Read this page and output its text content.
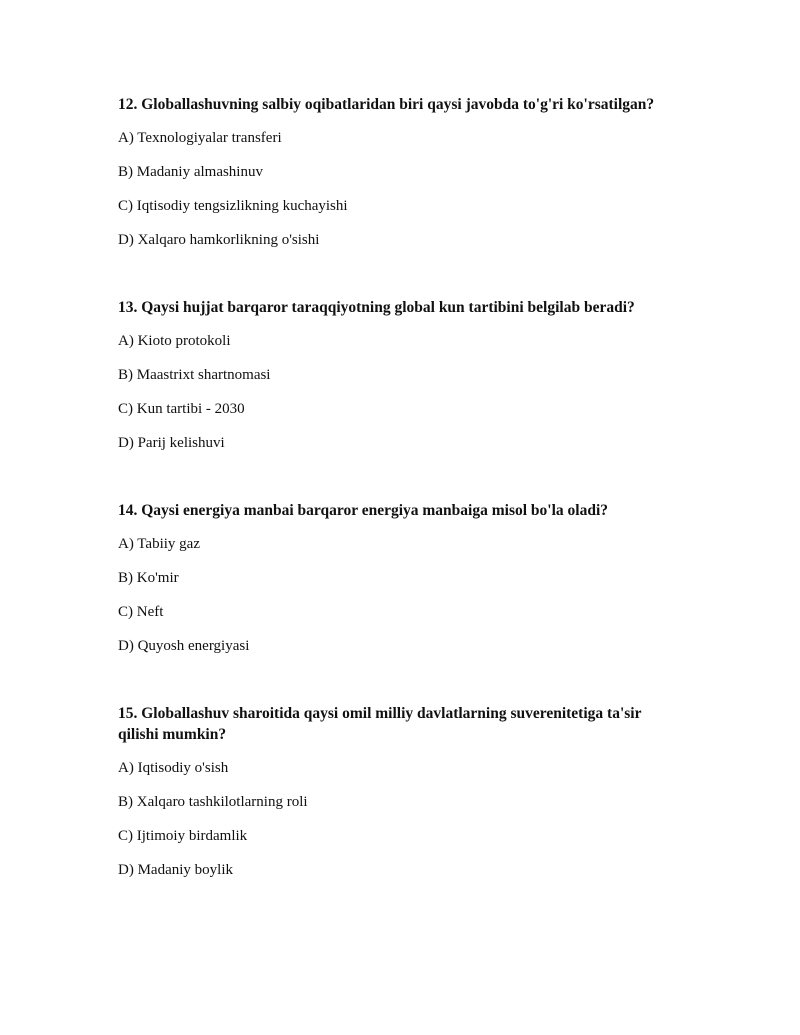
12. Globallashuvning salbiy oqibatlaridan biri qaysi javobda to'g'ri ko'rsatilgan?

A) Texnologiyalar transferi

B) Madaniy almashinuv

C) Iqtisodiy tengsizlikning kuchayishi

D) Xalqaro hamkorlikning o'sishi

13. Qaysi hujjat barqaror taraqqiyotning global kun tartibini belgilab beradi?

A) Kioto protokoli

B) Maastrixt shartnomasi

C) Kun tartibi - 2030

D) Parij kelishuvi

14. Qaysi energiya manbai barqaror energiya manbaiga misol bo'la oladi?

A) Tabiiy gaz

B) Ko'mir

C) Neft

D) Quyosh energiyasi

15. Globallashuv sharoitida qaysi omil milliy davlatlarning suverenitetiga ta'sir qilishi mumkin?

A) Iqtisodiy o'sish

B) Xalqaro tashkilotlarning roli

C) Ijtimoiy birdamlik

D) Madaniy boylik
